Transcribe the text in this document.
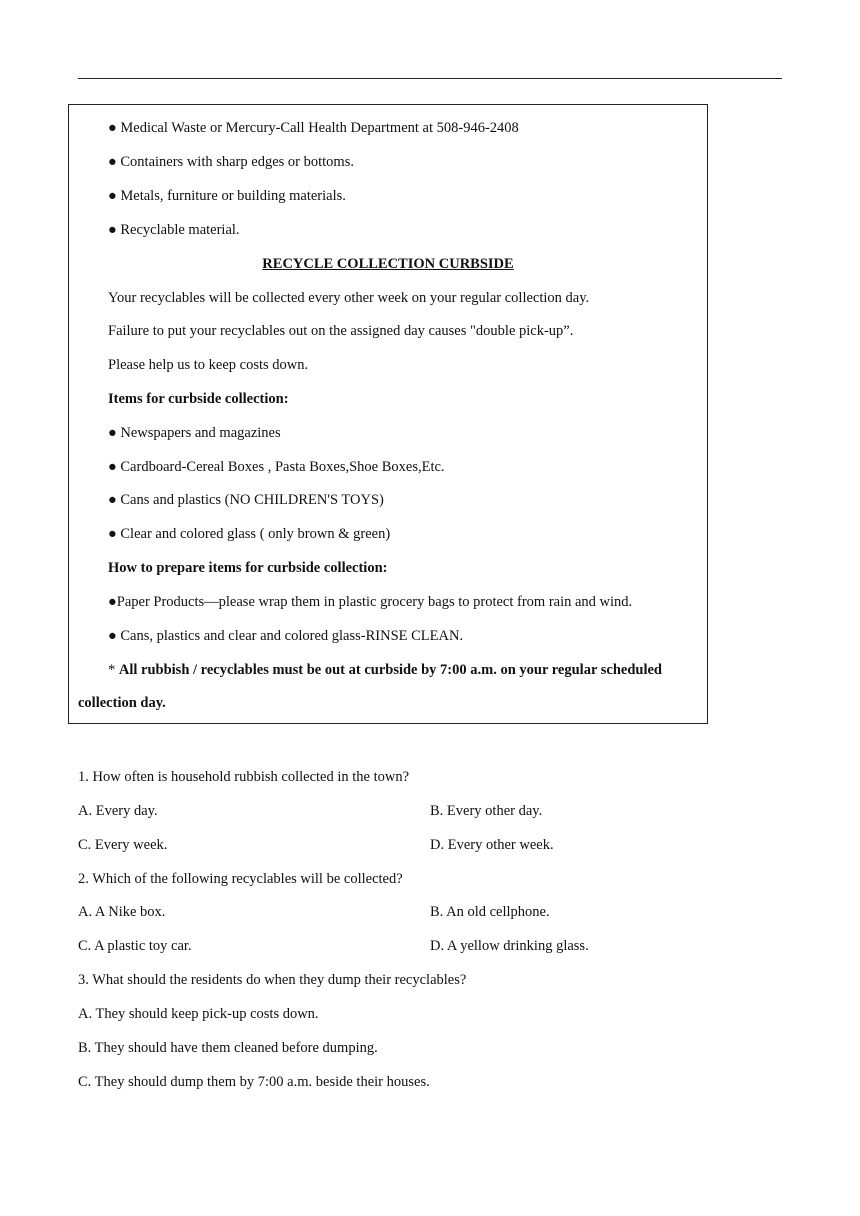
● Medical Waste or Mercury-Call Health Department at 508-946-2408
● Containers with sharp edges or bottoms.
● Metals, furniture or building materials.
● Recyclable material.
RECYCLE COLLECTION CURBSIDE
Your recyclables will be collected every other week on your regular collection day.
Failure to put your recyclables out on the assigned day causes "double pick-up”.
Please help us to keep costs down.
Items for curbside collection:
● Newspapers and magazines
● Cardboard-Cereal Boxes , Pasta Boxes,Shoe Boxes,Etc.
● Cans and plastics (NO CHILDREN'S TOYS)
● Clear and colored glass ( only brown & green)
How to prepare items for curbside collection:
●Paper Products—please wrap them in plastic grocery bags to protect from rain and wind.
● Cans, plastics and clear and colored glass-RINSE CLEAN.
* All rubbish / recyclables must be out at curbside by 7:00 a.m. on your regular scheduled
collection day.
1. How often is household rubbish collected in the town?
A. Every day.	B. Every other day.
C. Every week.	D. Every other week.
2. Which of the following recyclables will be collected?
A. A Nike box.	B. An old cellphone.
C. A plastic toy car.	D. A yellow drinking glass.
3. What should the residents do when they dump their recyclables?
A. They should keep pick-up costs down.
B. They should have them cleaned before dumping.
C. They should dump them by 7:00 a.m. beside their houses.
